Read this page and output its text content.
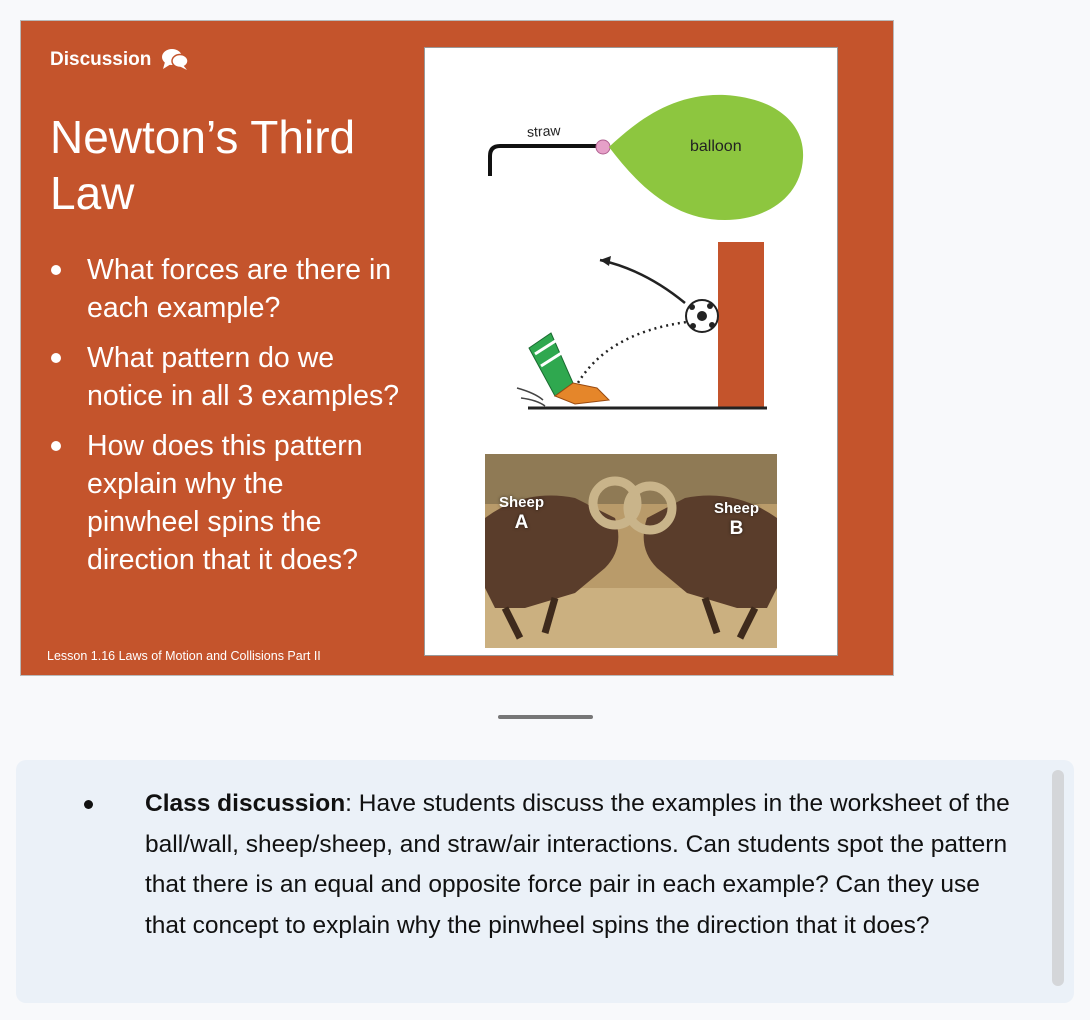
Discussion
Newton’s Third Law
What forces are there in each example?
What pattern do we notice in all 3 examples?
How does this pattern explain why the pinwheel spins the direction that it does?
Lesson 1.16 Laws of Motion and Collisions Part II
straw
balloon
Sheep
A
Sheep
B
Class discussion: Have students discuss the examples in the worksheet of the ball/wall, sheep/sheep, and straw/air interactions. Can students spot the pattern that there is an equal and opposite force pair in each example? Can they use that concept to explain why the pinwheel spins the direction that it does?
